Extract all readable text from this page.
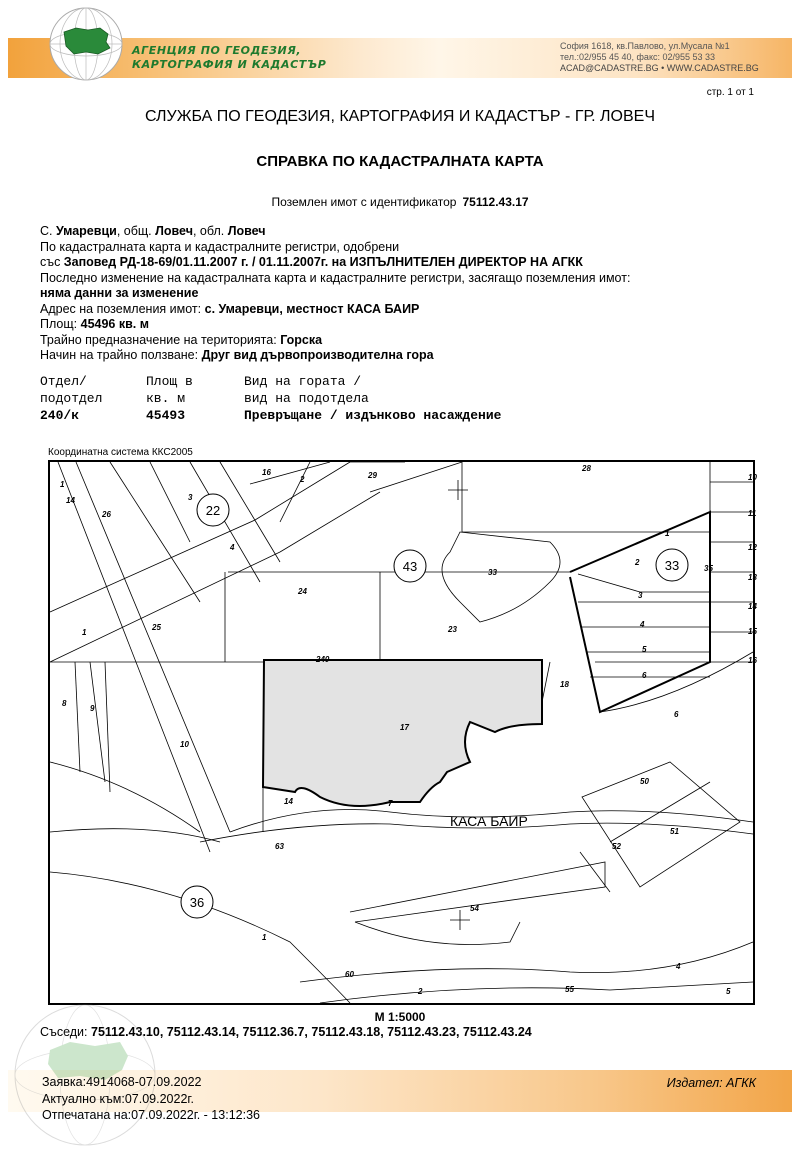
АГЕНЦИЯ ПО ГЕОДЕЗИЯ,
КАРТОГРАФИЯ И КАДАСТЪР
София 1618, кв.Павлово, ул.Мусала №1
тел.:02/955 45 40, факс: 02/955 53 33
ACAD@CADASTRE.BG • WWW.CADASTRE.BG
стр. 1 от 1
СЛУЖБА ПО ГЕОДЕЗИЯ, КАРТОГРАФИЯ И КАДАСТЪР - ГР. ЛОВЕЧ
СПРАВКА ПО КАДАСТРАЛНАТА КАРТА
Поземлен имот с идентификатор 75112.43.17
С. Умаревци, общ. Ловеч, обл. Ловеч
По кадастралната карта и кадастралните регистри, одобрени
със Заповед РД-18-69/01.11.2007 г. / 01.11.2007г. на ИЗПЪЛНИТЕЛЕН ДИРЕКТОР НА АГКК
Последно изменение на кадастралната карта и кадастралните регистри, засягащо поземления имот:
няма данни за изменение
Адрес на поземления имот: с. Умаревци, местност КАСА БАИР
Площ: 45496 кв. м
Трайно предназначение на територията: Горска
Начин на трайно ползване: Друг вид дървопроизводителна гора
Отдел/	Площ в	Вид на гората /
подотдел	кв. м	вид на подотдела
240/к	45493	Превръщане / издънково насаждение
Координатна система ККС2005
22
43	33
36
1
14
26
3
16
2	29
28
10
11
12
13
14
15
16
4
24
33
1
2
3
4
5
6
35
1
25	23
240
8
9
10
17
18
6
14	7
50
51
52
63
54
1
4
60
2	55	5
КАСА БАИР
М 1:5000
Съседи: 75112.43.10, 75112.43.14, 75112.36.7, 75112.43.18, 75112.43.23, 75112.43.24
Заявка:4914068-07.09.2022
Актуално към:07.09.2022г.
Отпечатана на:07.09.2022г. - 13:12:36
Издател: АГКК
